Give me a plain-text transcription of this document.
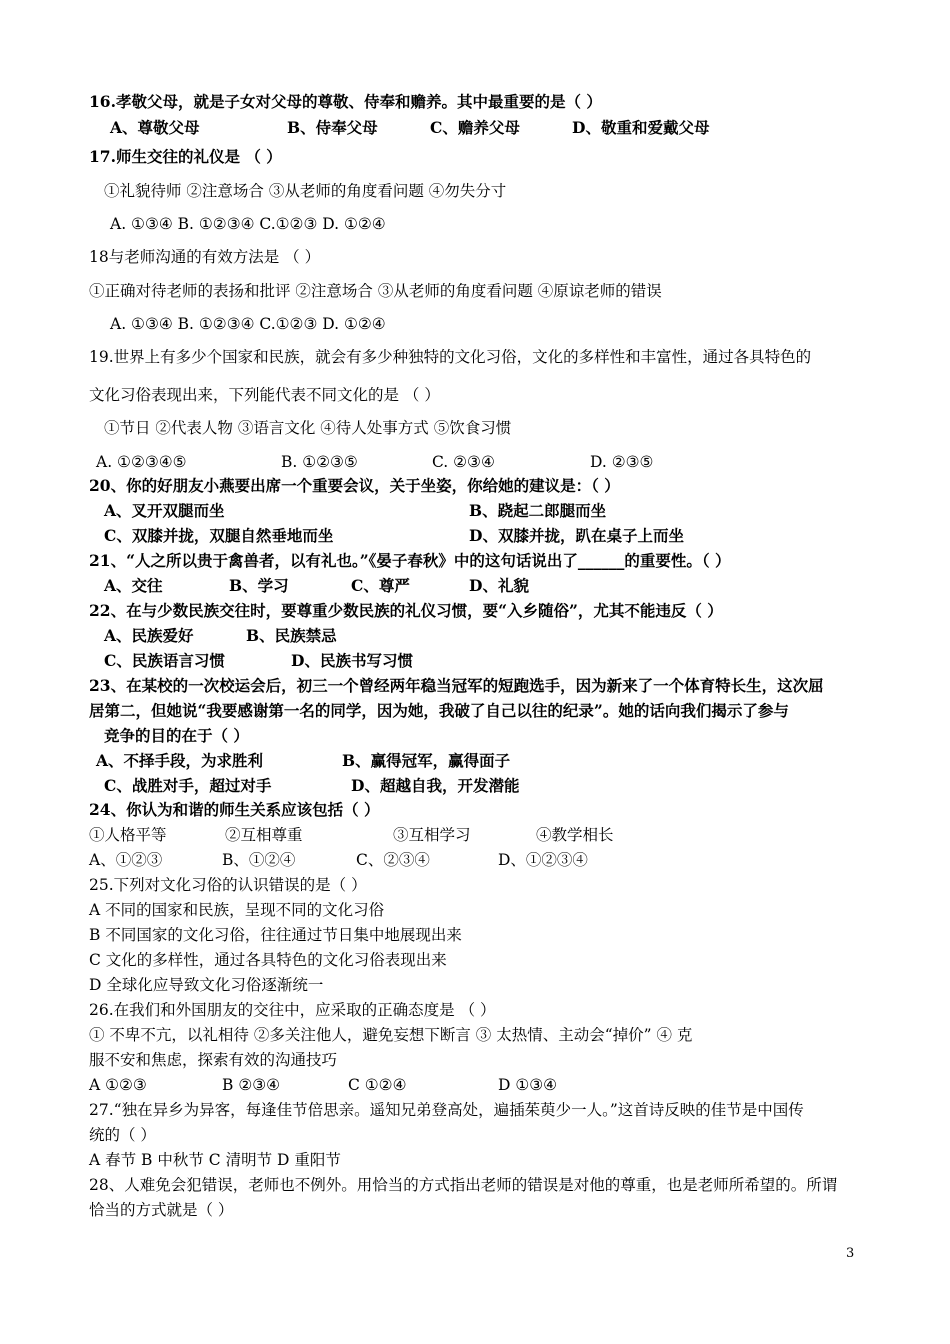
16.孝敬父母，就是子女对父母的尊敬、侍奉和赡养。其中最重要的是（ ）
A、尊敬父母	B、侍奉父母	C、赡养父母	D、敬重和爱戴父母
17.师生交往的礼仪是 （ ）
①礼貌待师 ②注意场合 ③从老师的角度看问题 ④勿失分寸
A. ①③④ B. ①②③④ C.①②③ D. ①②④
18与老师沟通的有效方法是 （ ）
①正确对待老师的表扬和批评 ②注意场合 ③从老师的角度看问题 ④原谅老师的错误
A. ①③④ B. ①②③④ C.①②③ D. ①②④
19.世界上有多少个国家和民族，就会有多少种独特的文化习俗，文化的多样性和丰富性，通过各具特色的
文化习俗表现出来，下列能代表不同文化的是 （ ）
①节日 ②代表人物 ③语言文化 ④待人处事方式 ⑤饮食习惯
A. ①②③④⑤	B. ①②③⑤	C. ②③④	D. ②③⑤
20、你的好朋友小燕要出席一个重要会议，关于坐姿，你给她的建议是：（ ）
A、叉开双腿而坐	B、跷起二郎腿而坐
C、双膝并拢，双腿自然垂地而坐	D、双膝并拢，趴在桌子上而坐
21、“人之所以贵于禽兽者，以有礼也。”《晏子春秋》中的这句话说出了______的重要性。（ ）
A、交往	B、学习	C、尊严	D、礼貌
22、在与少数民族交往时，要尊重少数民族的礼仪习惯，要“入乡随俗”，尤其不能违反（ ）
A、民族爱好	B、民族禁忌
C、民族语言习惯	D、民族书写习惯
23、在某校的一次校运会后，初三一个曾经两年稳当冠军的短跑选手，因为新来了一个体育特长生，这次屈
居第二，但她说“我要感谢第一名的同学，因为她，我破了自己以往的纪录”。她的话向我们揭示了参与
竞争的目的在于（ ）
A、不择手段，为求胜利	B、赢得冠军，赢得面子
C、战胜对手，超过对手	D、超越自我，开发潜能
24、你认为和谐的师生关系应该包括（ ）
①人格平等	②互相尊重	③互相学习	④教学相长
A、①②③	B、①②④	C、②③④	D、①②③④
25.下列对文化习俗的认识错误的是（ ）
A 不同的国家和民族，呈现不同的文化习俗
B 不同国家的文化习俗，往往通过节日集中地展现出来
C 文化的多样性，通过各具特色的文化习俗表现出来
D 全球化应导致文化习俗逐渐统一
26.在我们和外国朋友的交往中，应采取的正确态度是 （ ）
① 不卑不亢，以礼相待 ②多关注他人，避免妄想下断言 ③ 太热情、主动会“掉价” ④ 克
服不安和焦虑，探索有效的沟通技巧
A ①②③	B ②③④	C ①②④	D ①③④
27.“独在异乡为异客，每逢佳节倍思亲。遥知兄弟登高处，遍插茱萸少一人。”这首诗反映的佳节是中国传
统的（ ）
A 春节 B 中秋节 C 清明节 D 重阳节
28、人难免会犯错误，老师也不例外。用恰当的方式指出老师的错误是对他的尊重，也是老师所希望的。所谓
恰当的方式就是（ ）
3
